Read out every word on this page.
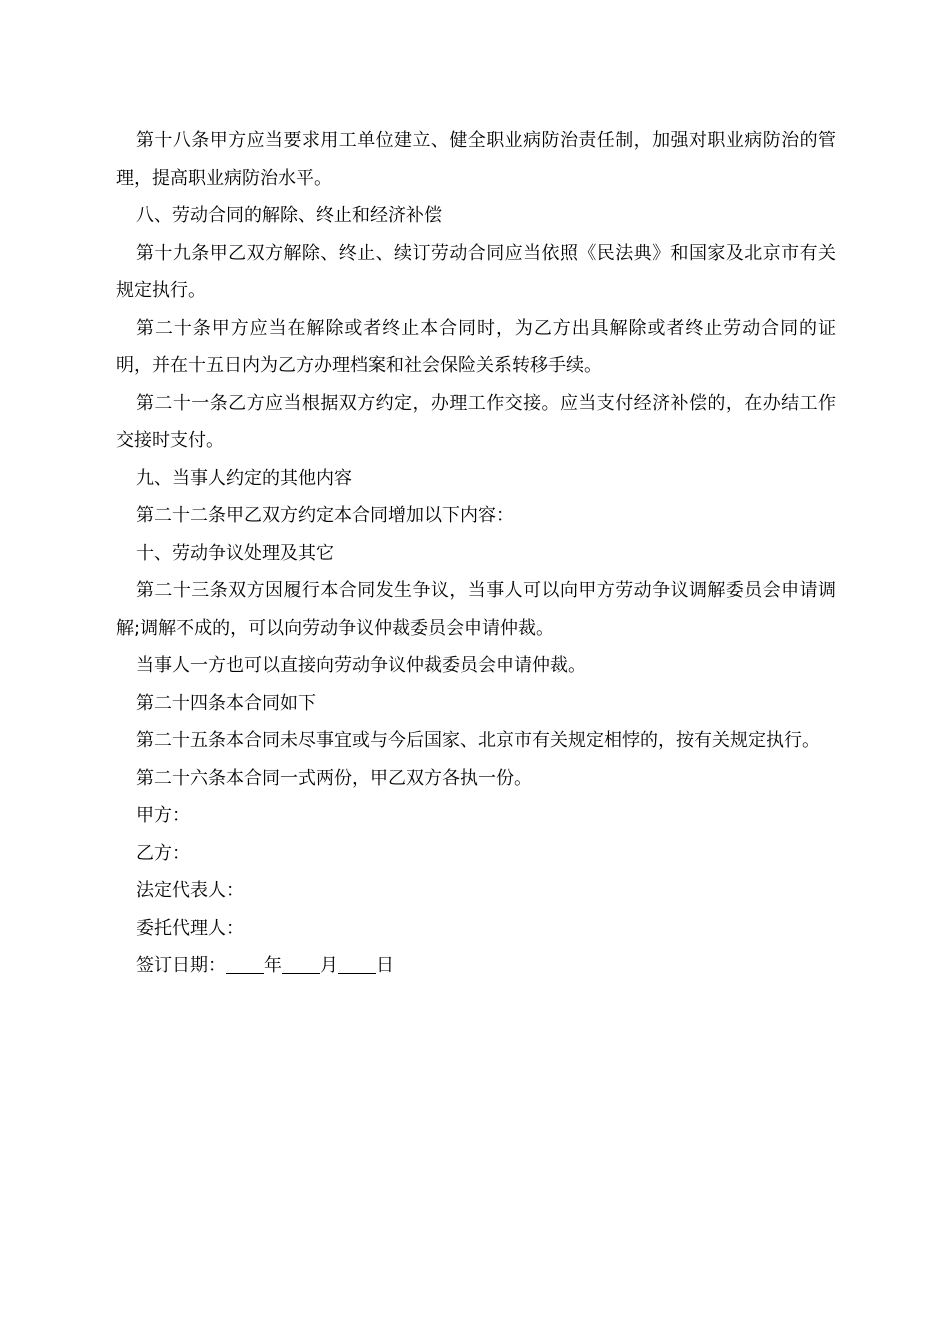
第十八条甲方应当要求用工单位建立、健全职业病防治责任制，加强对职业病防治的管理，提高职业病防治水平。

八、劳动合同的解除、终止和经济补偿

第十九条甲乙双方解除、终止、续订劳动合同应当依照《民法典》和国家及北京市有关规定执行。

第二十条甲方应当在解除或者终止本合同时，为乙方出具解除或者终止劳动合同的证明，并在十五日内为乙方办理档案和社会保险关系转移手续。

第二十一条乙方应当根据双方约定，办理工作交接。应当支付经济补偿的，在办结工作交接时支付。

九、当事人约定的其他内容

第二十二条甲乙双方约定本合同增加以下内容：

十、劳动争议处理及其它

第二十三条双方因履行本合同发生争议，当事人可以向甲方劳动争议调解委员会申请调解;调解不成的，可以向劳动争议仲裁委员会申请仲裁。

当事人一方也可以直接向劳动争议仲裁委员会申请仲裁。

第二十四条本合同如下

第二十五条本合同未尽事宜或与今后国家、北京市有关规定相悖的，按有关规定执行。

第二十六条本合同一式两份，甲乙双方各执一份。

甲方：

乙方：

法定代表人：

委托代理人：

签订日期： 年 月 日
